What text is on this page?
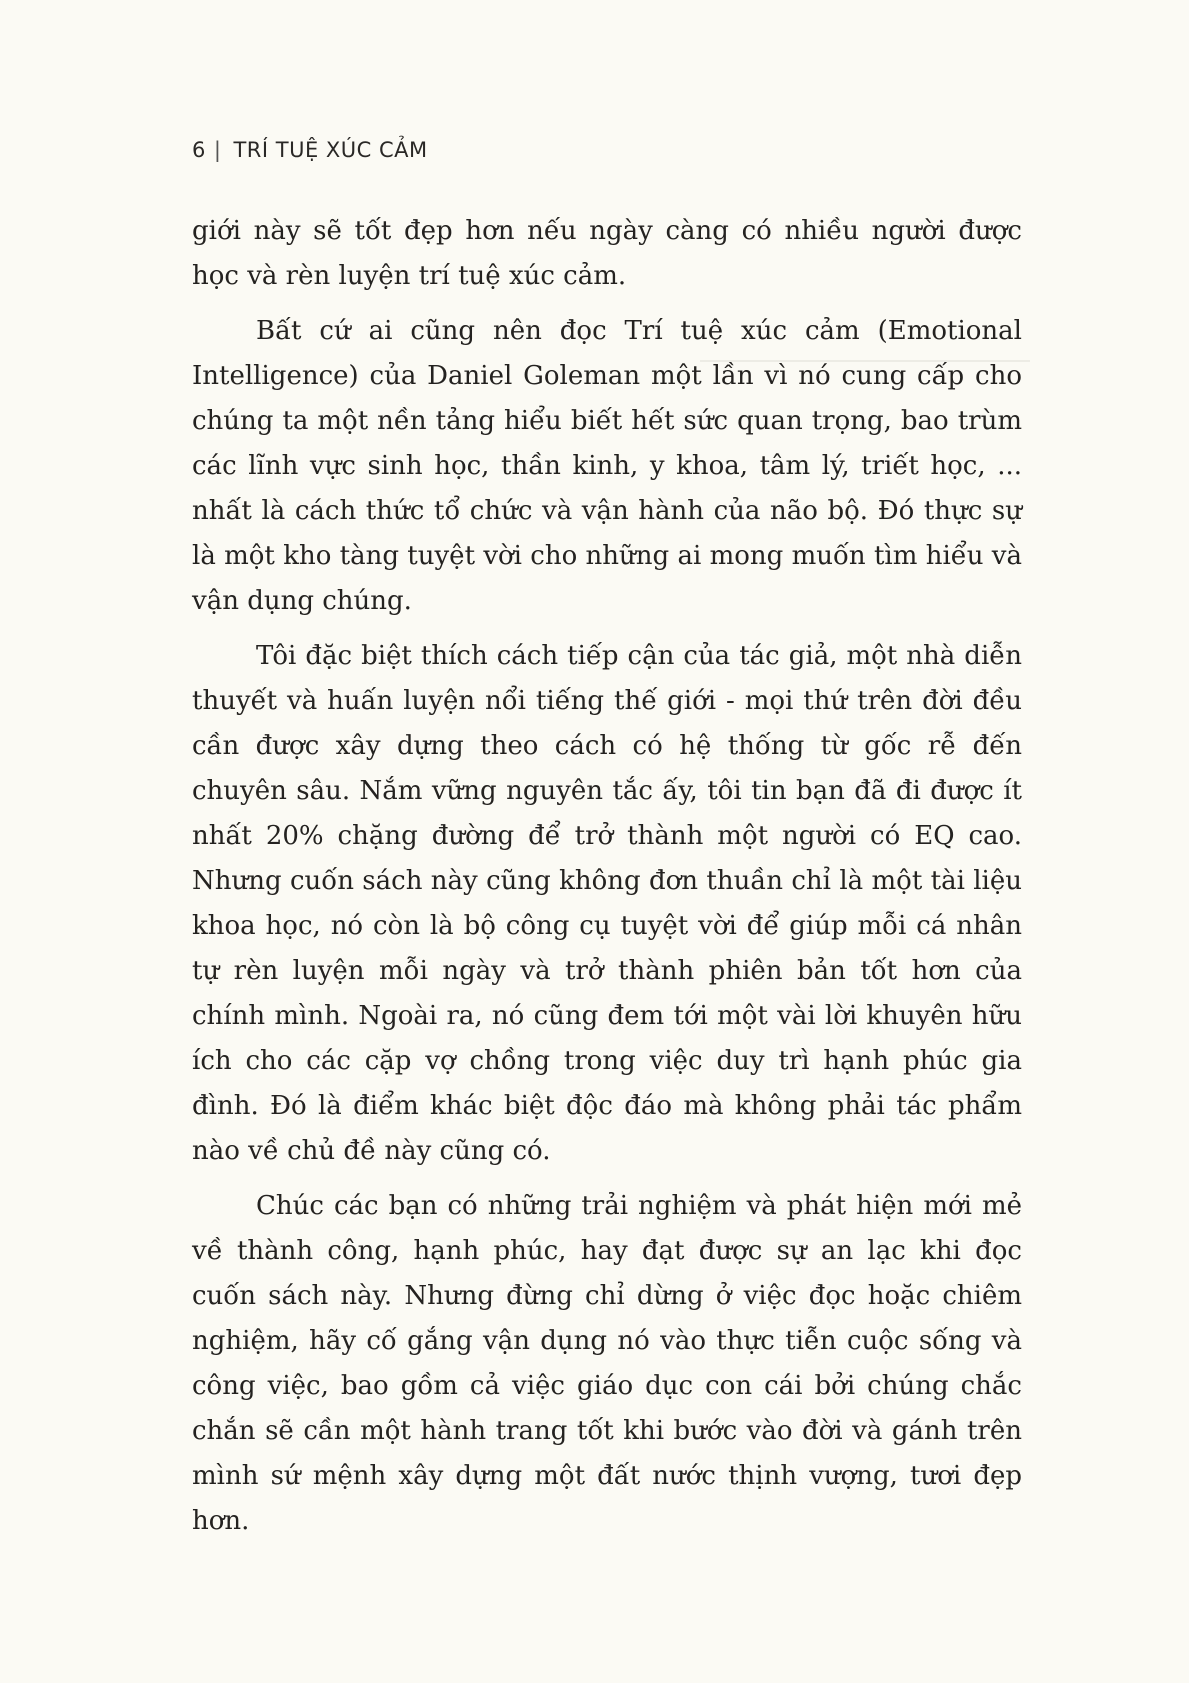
6 | TRÍ TUỆ XÚC CẢM

giới này sẽ tốt đẹp hơn nếu ngày càng có nhiều người được học và rèn luyện trí tuệ xúc cảm.

Bất cứ ai cũng nên đọc Trí tuệ xúc cảm (Emotional Intelligence) của Daniel Goleman một lần vì nó cung cấp cho chúng ta một nền tảng hiểu biết hết sức quan trọng, bao trùm các lĩnh vực sinh học, thần kinh, y khoa, tâm lý, triết học, ... nhất là cách thức tổ chức và vận hành của não bộ. Đó thực sự là một kho tàng tuyệt vời cho những ai mong muốn tìm hiểu và vận dụng chúng.

Tôi đặc biệt thích cách tiếp cận của tác giả, một nhà diễn thuyết và huấn luyện nổi tiếng thế giới - mọi thứ trên đời đều cần được xây dựng theo cách có hệ thống từ gốc rễ đến chuyên sâu. Nắm vững nguyên tắc ấy, tôi tin bạn đã đi được ít nhất 20% chặng đường để trở thành một người có EQ cao. Nhưng cuốn sách này cũng không đơn thuần chỉ là một tài liệu khoa học, nó còn là bộ công cụ tuyệt vời để giúp mỗi cá nhân tự rèn luyện mỗi ngày và trở thành phiên bản tốt hơn của chính mình. Ngoài ra, nó cũng đem tới một vài lời khuyên hữu ích cho các cặp vợ chồng trong việc duy trì hạnh phúc gia đình. Đó là điểm khác biệt độc đáo mà không phải tác phẩm nào về chủ đề này cũng có.

Chúc các bạn có những trải nghiệm và phát hiện mới mẻ về thành công, hạnh phúc, hay đạt được sự an lạc khi đọc cuốn sách này. Nhưng đừng chỉ dừng ở việc đọc hoặc chiêm nghiệm, hãy cố gắng vận dụng nó vào thực tiễn cuộc sống và công việc, bao gồm cả việc giáo dục con cái bởi chúng chắc chắn sẽ cần một hành trang tốt khi bước vào đời và gánh trên mình sứ mệnh xây dựng một đất nước thịnh vượng, tươi đẹp hơn.
